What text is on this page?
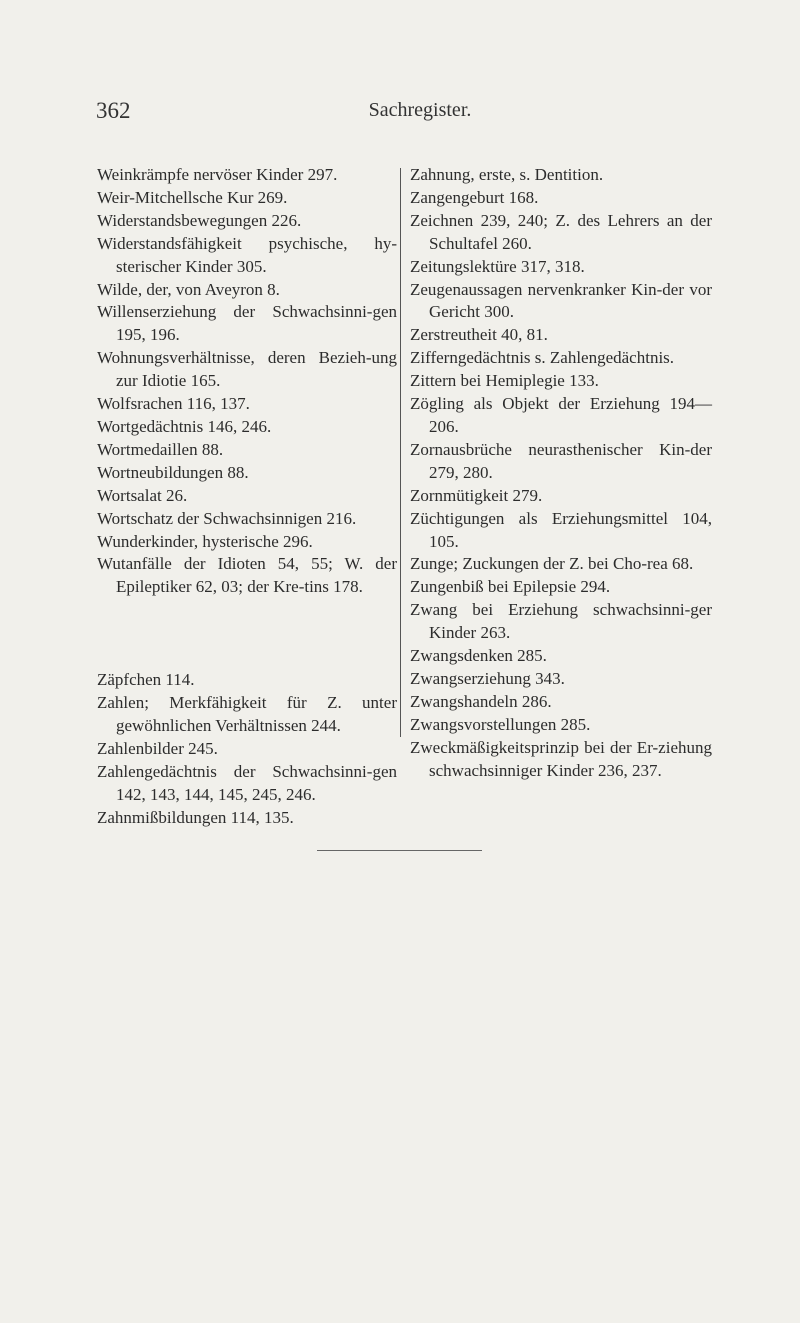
362	Sachregister.
Weinkrämpfe nervöser Kinder 297.
Weir-Mitchellsche Kur 269.
Widerstandsbewegungen 226.
Widerstandsfähigkeit psychische, hy-sterischer Kinder 305.
Wilde, der, von Aveyron 8.
Willenserziehung der Schwachsinni-gen 195, 196.
Wohnungsverhältnisse, deren Bezieh-ung zur Idiotie 165.
Wolfsrachen 116, 137.
Wortgedächtnis 146, 246.
Wortmedaillen 88.
Wortneubildungen 88.
Wortsalat 26.
Wortschatz der Schwachsinnigen 216.
Wunderkinder, hysterische 296.
Wutanfälle der Idioten 54, 55; W. der Epileptiker 62, 03; der Kre-tins 178.
Zäpfchen 114.
Zahlen; Merkfähigkeit für Z. unter gewöhnlichen Verhältnissen 244.
Zahlenbilder 245.
Zahlengedächtnis der Schwachsinni-gen 142, 143, 144, 145, 245, 246.
Zahnmißbildungen 114, 135.
Zahnung, erste, s. Dentition.
Zangengeburt 168.
Zeichnen 239, 240; Z. des Lehrers an der Schultafel 260.
Zeitungslektüre 317, 318.
Zeugenaussagen nervenkranker Kin-der vor Gericht 300.
Zerstreutheit 40, 81.
Zifferngedächtnis s. Zahlengedächtnis.
Zittern bei Hemiplegie 133.
Zögling als Objekt der Erziehung 194—206.
Zornausbrüche neurasthenischer Kin-der 279, 280.
Zornmütigkeit 279.
Züchtigungen als Erziehungsmittel 104, 105.
Zunge; Zuckungen der Z. bei Cho-rea 68.
Zungenbiß bei Epilepsie 294.
Zwang bei Erziehung schwachsinni-ger Kinder 263.
Zwangsdenken 285.
Zwangserziehung 343.
Zwangshandeln 286.
Zwangsvorstellungen 285.
Zweckmäßigkeitsprinzip bei der Er-ziehung schwachsinniger Kinder 236, 237.
